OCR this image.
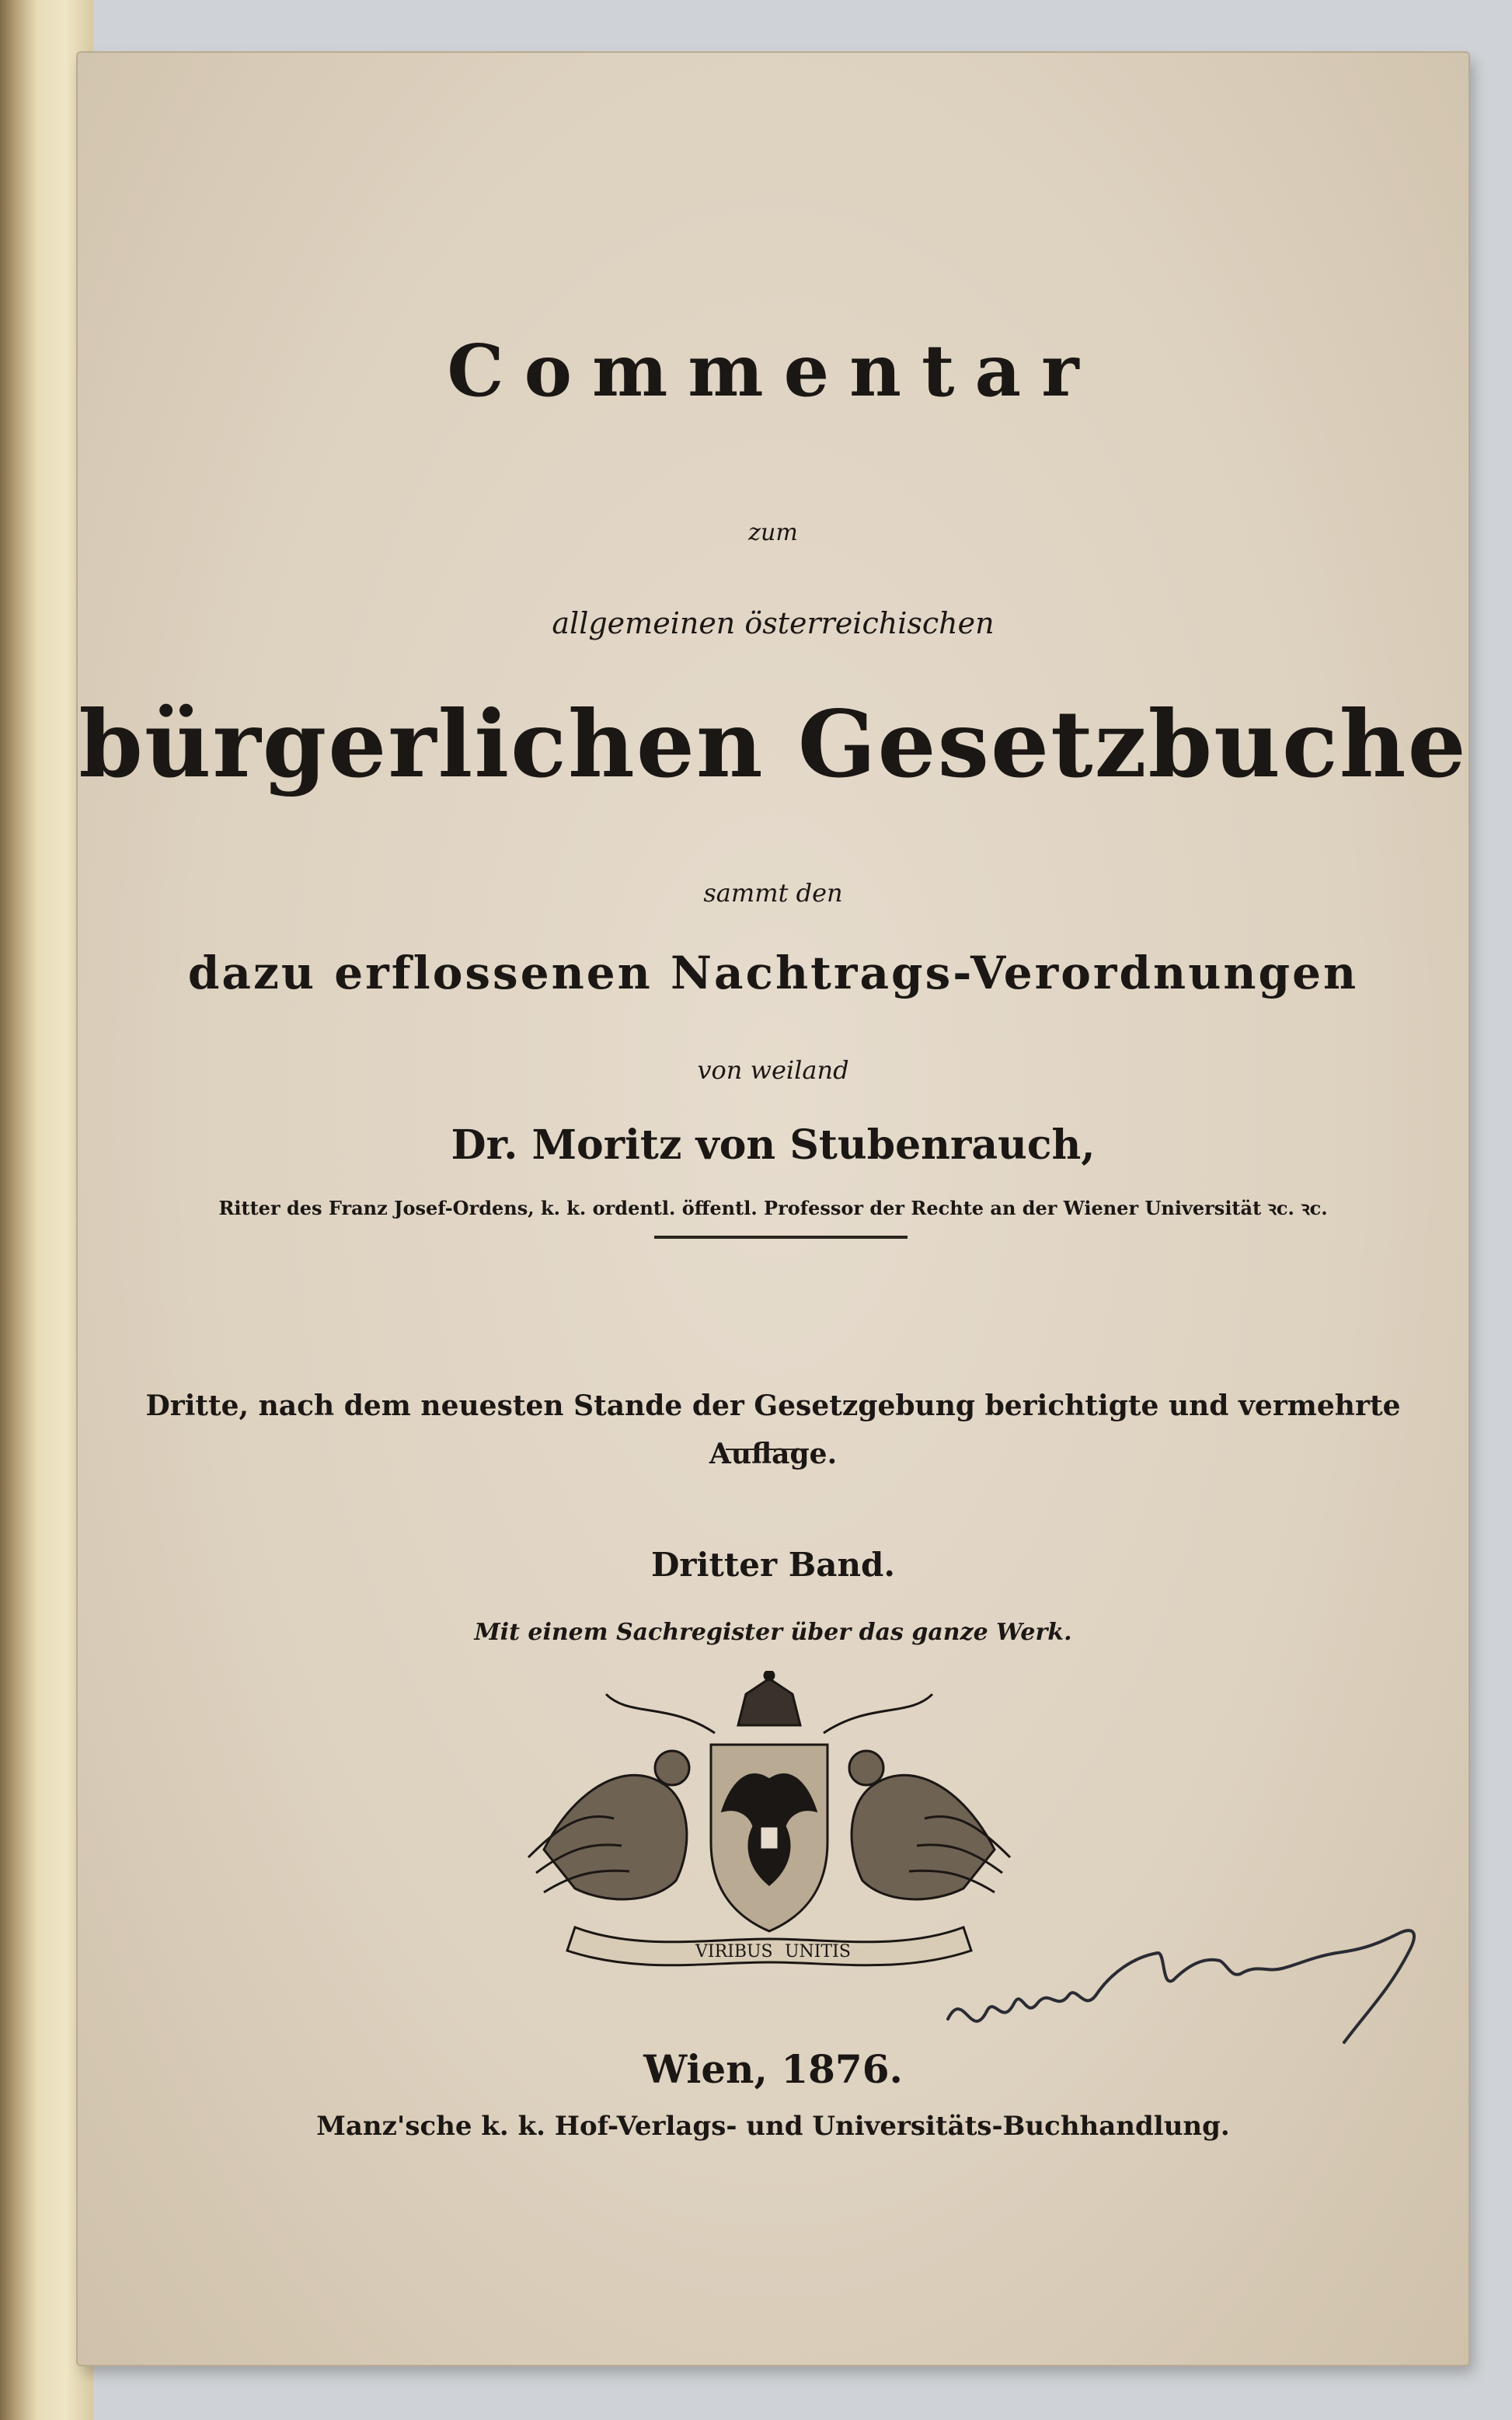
Commentar
zum
allgemeinen österreichischen
bürgerlichen Gesetzbuche
sammt den
dazu erflossenen Nachtrags-Verordnungen
von weiland
Dr. Moritz von Stubenrauch,
Ritter des Franz Josef-Ordens, k. k. ordentl. öffentl. Professor der Rechte an der Wiener Universität ꝛc. ꝛc.
Dritte, nach dem neuesten Stande der Gesetzgebung berichtigte und vermehrte
Auflage.
Dritter Band.
Mit einem Sachregister über das ganze Werk.
VIRIBUS UNITIS
Wien, 1876.
Manz'sche k. k. Hof-Verlags- und Universitäts-Buchhandlung.
